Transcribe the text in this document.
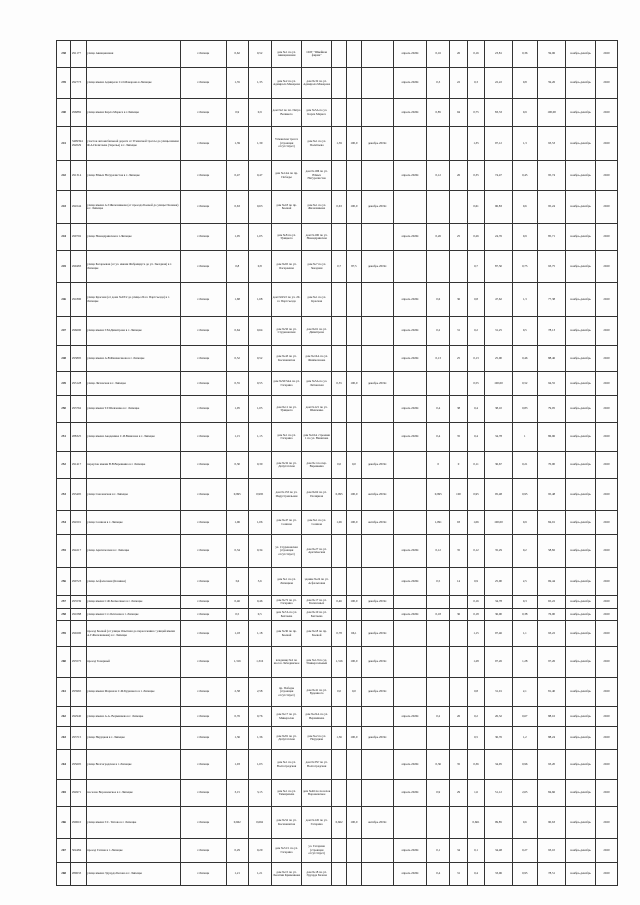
238	291177	улица Авиационная	г.Липецк	0,62	0,52	дом №1 по ул. Авиационная	ООТ "Швейная фирма"				апрель 2020г.	0,16	26	0,16	23,81	0,36	59,06	ноябрь-декабрь	2020
239	292773	улица имени Адмирала С.О.Макарова в Липецке	г.Липецк	1,35	1,35	дом №2 по ул. Адмирала Макарова	дом №32 по ул. Адмирала Макарова				апрель 2020г.	0,3	22	0,3	22,22	0,8	59,26	ноябрь-декабрь	2020
240	296882	улица имени Карла Маркса в г.Липецке	г.Липецк	0,9	0,9	дом №2 по пл. Петра Великого	дом №5А по ул. Карла Маркса				апрель 2020г.	0,85	94	0,75	83,33	0,9	100,00	ноябрь-декабрь	2020
241	3499394 292029	участок автомобильной дороги от Усманской трассы до улицы имени Ф.А.Политаева (Заречье) в г. Липецке	г.Липецк	1,39	1,39	Усманская трасса (строящая отсутствует)	дом №1 по ул. Политаева	1,39	100,0	декабрь 2019г.				1,35	97,12	1,3	93,53	ноябрь-декабрь	2020
242	291314	улица Юных Натуралистов в г. Липецке	г.Липецк	0,47	0,47	дом №14А по пр. Победы	дом №10Б по ул. Юных Натуралистов				апрель 2020г.	0,12	26	0,35	74,47	0,45	95,74	ноябрь-декабрь	2020
243	294544	улица имени А.Г.Железнякова (от проезда Боевой до улицы Полевая) в г. Липецке	г.Липецк	0,63	0,63	дом №18 по пр. Боевой	дом №1 по ул. Железнякова	0,63	100,0	декабрь 2019г.				0,61	96,83	0,6	95,24	ноябрь-декабрь	2020
244	299792	улица Новоядринская в г.Липецке	г.Липецк	1,05	1,05	дом №8 по ул. Урицкого	дом №106 по ул. Новоядринская				апрель 2020г.	0,26	25	0,26	24,76	0,9	85,71	ноябрь-декабрь	2020
245	299483	улица Басараевая (от ул. имени Фабрициуса до ул. Звездная) в г. Липецке	г.Липецк	0,8	0,8	дом №65 по ул. Басараевая	дом №7 по ул. Звездная	0,7	87,5	декабрь 2019г.				0,7	87,50	0,75	93,75	ноябрь-декабрь	2020
246	291890	улица Красная (от дома №93/2 до улицы 20-го Партсъезда) в г. Липецке	г.Липецк	1,68	1,68	дом №93/2 по ул. 20-го Партсъезда	дом №1 по ул. Красная				апрель 2020г.	0,6	36	0,8	47,62	1,3	77,38	ноябрь-декабрь	2020
247	296690	улица имени Г.М.Димитрова в г. Липецке	г.Липецк	0,64	0,64	дом №50 по ул. Студеновская	дом №61 по ул. Димитрова				апрель 2020г.	0,2	31	0,2	31,25	0,5	78,13	ноябрь-декабрь	2020
248	293895	улица имени А.В.Фашмочнова в г. Липецке	г.Липецк	0,52	0,52	дом №43 по ул. Космонавтов	дом №16А по ул. Фашмочнова				апрель 2020г.	0,13	25	0,13	25,00	0,46	88,46	ноябрь-декабрь	2020
249	293128	улица Литовская в г. Липецке	г.Липецк	0,55	0,55	дом №50/54А по ул. Гагарина	дом №5А по ул. Литовская	0,55	100,0	декабрь 2019г.				0,55	100,00	0,52	94,55	ноябрь-декабрь	2020
250	293762	улица имени Т.Г.Шевченко в г. Липецке	г.Липецк	1,05	1,05	дом №11 по ул. Урицкого	дом №121 по ул. Шевченко				апрель 2020г.	0,4	38	0,4	38,10	0,83	79,05	ноябрь-декабрь	2020
251	288325	улица имени Академика С.И.Вавилова в г. Липецке	г.Липецк	1,15	1,15	дом №1 по ул. Гагарина	дом №16А строение 1 по ул. Вавилова				апрель 2020г.	0,4	35	0,4	34,78	1	86,96	ноябрь-декабрь	2020
252	291417	переулок имени В.В.Веревкина в г. Липецке	г.Липецк	0,30	0,30	дом №32 по ул. Депутатская	дом №1 по пер. Веревкина	0,0	0,0	декабрь 2019г.		0	0	0,11	36,67	0,21	70,00	ноябрь-декабрь	2020
253	293495	улица Смоленская в г. Липецке	г.Липецк	0,995	0,995	дом №133 по ул. Индустриальная	дом №62 по ул. Полярная	0,995	100,0	октябрь 2019г.		0,995	100	0,95	95,48	0,95	95,48	ноябрь-декабрь	2020
254	294501	улица Сошная в г. Липецке	г.Липецк	1,06	1,06	дом №47 по ул. Сошная	дом №1 по ул. Сошная	1,06	100,0	октябрь 2019г.		1,091	93	1,06	100,00	0,9	84,91	ноябрь-декабрь	2020
255	294217	улица Арктическая в г. Липецке	г.Липецк	0,34	0,34	ул. Студеновская (строящая отсутствует)	дом №27 по ул. Арктическая				апрель 2020г.	0,12	35	0,12	35,29	0,2	58,82	ноябрь-декабрь	2020
256	290723	улица Асфальтовая (Казинка)	г.Липецк	3,6	3,6	дом №1 по ул. Липецкая	здание №24 по ул. Асфальтовая				апрель 2020г.	0,5	14	0,9	25,00	2,5	69,44	ноябрь-декабрь	2020
257	293539	улица имени С.Ф.Балмочных в г. Липецке	г.Липецк	0,46	0,46	дом №72 по ул. Гагарина	дом №17 по ул. Балмочных	0,46	100,0	декабрь 2019г.				0,16	34,78	0,3	65,22	ноябрь-декабрь	2020
258	291088	улица имени С.С.Бехтеева в г. Липецке	г.Липецк	0,5	0,5	дом №7А по ул. Бехтеева	дом №10 по ул. Бехтеева				апрель 2020г.	0,18	36	0,18	36,00	0,38	76,00	ноябрь-декабрь	2020
259	290200	проезд Боевой (от улицы Опытная до пересечения с улицей имени А.Г.Железнякова) в г. Липецке	г.Липецк	1,18	1,18	дом №36 по пр. Боевой	дом №18 по пр. Боевой	0,78	66,1	декабрь 2019г.				1,15	97,46	1,1	93,22	ноябрь-декабрь	2020
260	293575	проезд Товарный	г.Липецк	1,316	1,316	владение №2 по шоссе Лебедянское	дом №1Л по ул. Универсальный	1,316	100,0	декабрь 2019г.				1,28	97,26	1,28	97,26	ноябрь-декабрь	2020
261	293965	улица имени Маршала С.М.Буденного в г. Липецке	г.Липецк	2,58	2,58	пр. Победы (строящая отсутствует)	дом №41 по ул. Буденного	0,0	0,0	декабрь 2019г.				0,8	31,01	2,1	81,40	ноябрь-декабрь	2020
262	292940	улица имени А.А. Вермишева в г. Липецке	г.Липецк	0,76	0,76	дом №17 по ул. Минералов	дом №22А по ул. Вермишева				апрель 2020г.	0,2	26	0,2	26,32	0,67	88,16	ноябрь-декабрь	2020
263	293715	улица Неруцкая в г. Липецке	г.Липецк	1,36	1,36	дом №81 по ул. Депутатская	дом №2 по ул. Неруцкая	1,36	100,0	декабрь 2019г.				0,5	36,76	1,2	88,24	ноябрь-декабрь	2020
264	295605	улица Волгоградская в г. Липецке	г.Липецк	1,03	1,03	дом №1 по ул. Волгоградская	дом №35Г по ул. Волгоградская				апрель 2020г.	0,36	35	0,36	34,95	0,96	93,20	ноябрь-декабрь	2020
265	294971	поселок Воронежское в г. Липецке	г.Липецк	3,15	3,15	дом №1 по ул. Тимирязева	дом №46 по поселок Воронежское				апрель 2020г.	0,9	29	1,6	51,12	2,65	84,66	ноябрь-декабрь	2020
266	290610	улица имени Г.С. Титова в г. Липецке	г.Липецк	0,662	0,662	дом №52 по ул. Космонавтов	дом №145 по ул. Гагарина	0,662	100,0	октябрь 2019г.				0,661	99,85	0,6	90,63	ноябрь-декабрь	2020
267	504484	проезд Гагина в г. Липецке	г.Липецк	0,29	0,29	дом №31/1 по ул. Гагарина	ул. Гагарина (строящая отсутствует)				апрель 2020г.	0,1	34	0,1	34,48	0,27	93,10	ноябрь-декабрь	2020
268	289633	улица имени Эдуарда Белова в г. Липецке	г.Липецк	1,21	1,21	дом №15 по ул. Леонтия Кривенкова	дом №18 по ул. Эдуарда Белова				апрель 2020г.	0,4	31	0,4	33,06	0,95	78,51	ноябрь-декабрь	2020
